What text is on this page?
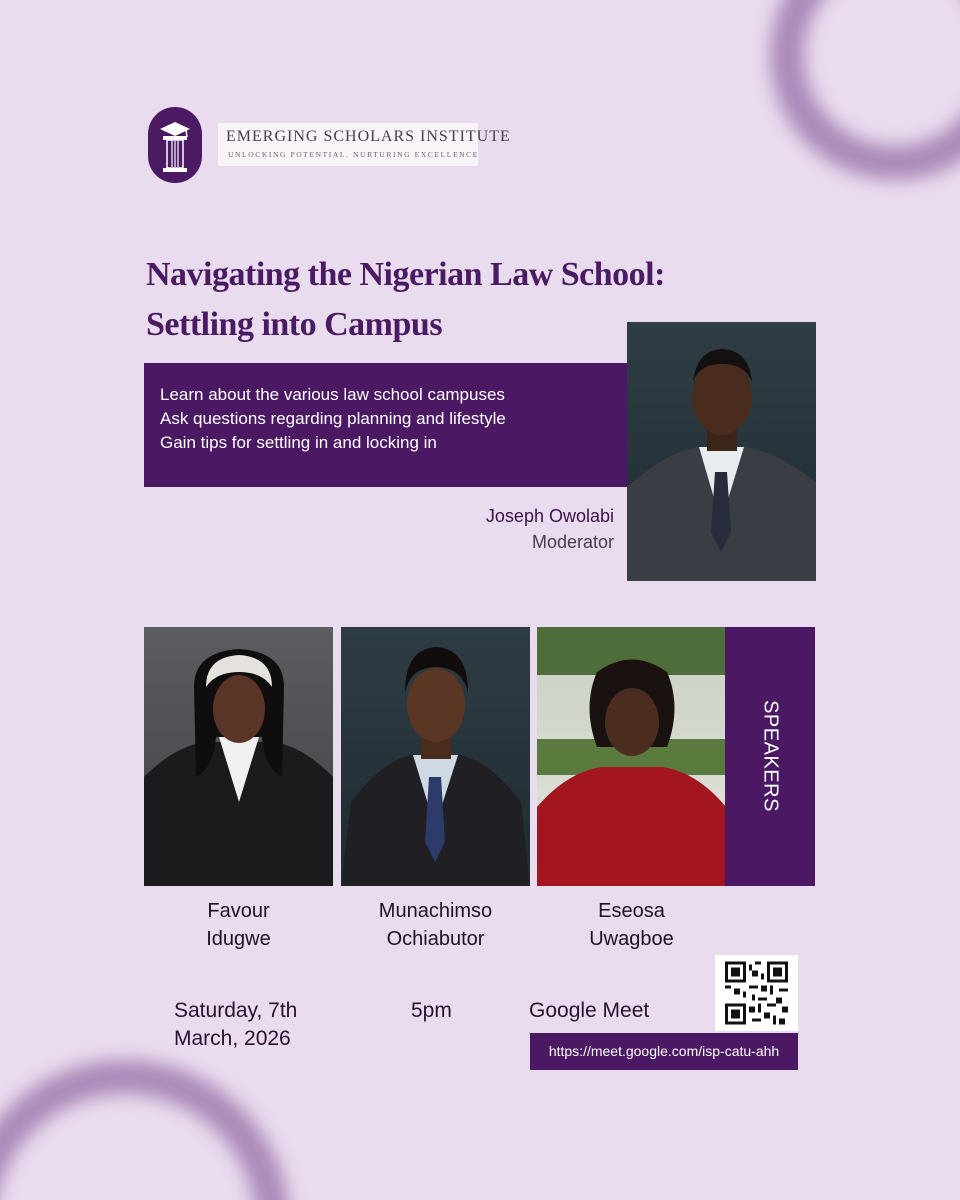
EMERGING SCHOLARS INSTITUTE
UNLOCKING POTENTIAL. NURTURING EXCELLENCE
Navigating the Nigerian Law School:
Settling into Campus
Learn about the various law school campuses
Ask questions regarding planning and lifestyle
Gain tips for settling in and locking in
Joseph Owolabi
Moderator
SPEAKERS
Favour
Idugwe
Munachimso
Ochiabutor
Eseosa
Uwagboe
Saturday, 7th
March, 2026
5pm	Google Meet
https://meet.google.com/isp-catu-ahh
